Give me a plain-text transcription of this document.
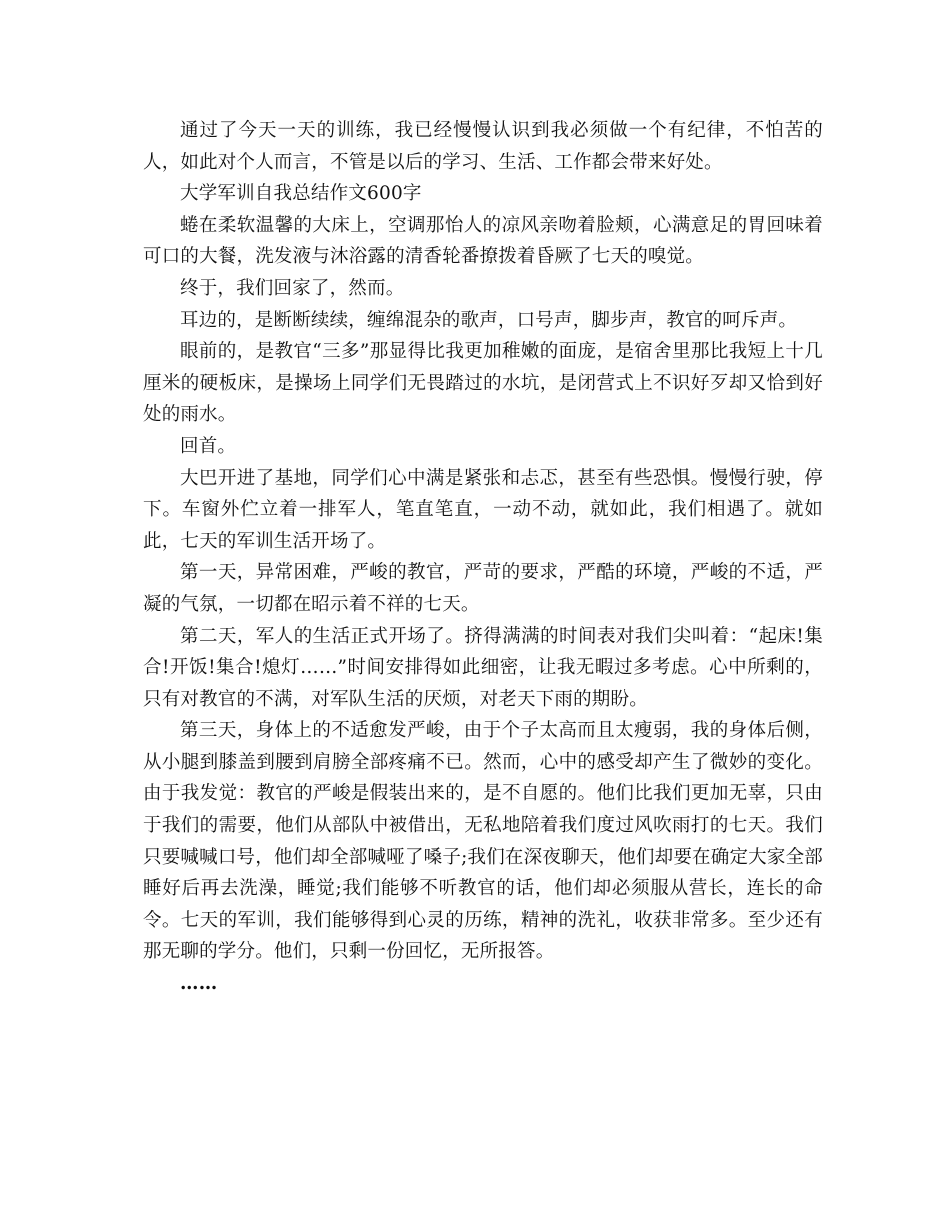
通过了今天一天的训练，我已经慢慢认识到我必须做一个有纪律，不怕苦的人，如此对个人而言，不管是以后的学习、生活、工作都会带来好处。

大学军训自我总结作文600字

蜷在柔软温馨的大床上，空调那怡人的凉风亲吻着脸颊，心满意足的胃回味着可口的大餐，洗发液与沐浴露的清香轮番撩拨着昏厥了七天的嗅觉。

终于，我们回家了，然而。

耳边的，是断断续续，缠绵混杂的歌声，口号声，脚步声，教官的呵斥声。

眼前的，是教官“三多”那显得比我更加稚嫩的面庞，是宿舍里那比我短上十几厘米的硬板床，是操场上同学们无畏踏过的水坑，是闭营式上不识好歹却又恰到好处的雨水。

回首。

大巴开进了基地，同学们心中满是紧张和忐忑，甚至有些恐惧。慢慢行驶，停下。车窗外伫立着一排军人，笔直笔直，一动不动，就如此，我们相遇了。就如此，七天的军训生活开场了。

第一天，异常困难，严峻的教官，严苛的要求，严酷的环境，严峻的不适，严凝的气氛，一切都在昭示着不祥的七天。

第二天，军人的生活正式开场了。挤得满满的时间表对我们尖叫着：“起床!集合!开饭!集合!熄灯……”时间安排得如此细密，让我无暇过多考虑。心中所剩的，只有对教官的不满，对军队生活的厌烦，对老天下雨的期盼。

第三天，身体上的不适愈发严峻，由于个子太高而且太瘦弱，我的身体后侧，从小腿到膝盖到腰到肩膀全部疼痛不已。然而，心中的感受却产生了微妙的变化。由于我发觉：教官的严峻是假装出来的，是不自愿的。他们比我们更加无辜，只由于我们的需要，他们从部队中被借出，无私地陪着我们度过风吹雨打的七天。我们只要喊喊口号，他们却全部喊哑了嗓子;我们在深夜聊天，他们却要在确定大家全部睡好后再去洗澡，睡觉;我们能够不听教官的话，他们却必须服从营长，连长的命令。七天的军训，我们能够得到心灵的历练，精神的洗礼，收获非常多。至少还有那无聊的学分。他们，只剩一份回忆，无所报答。

……
